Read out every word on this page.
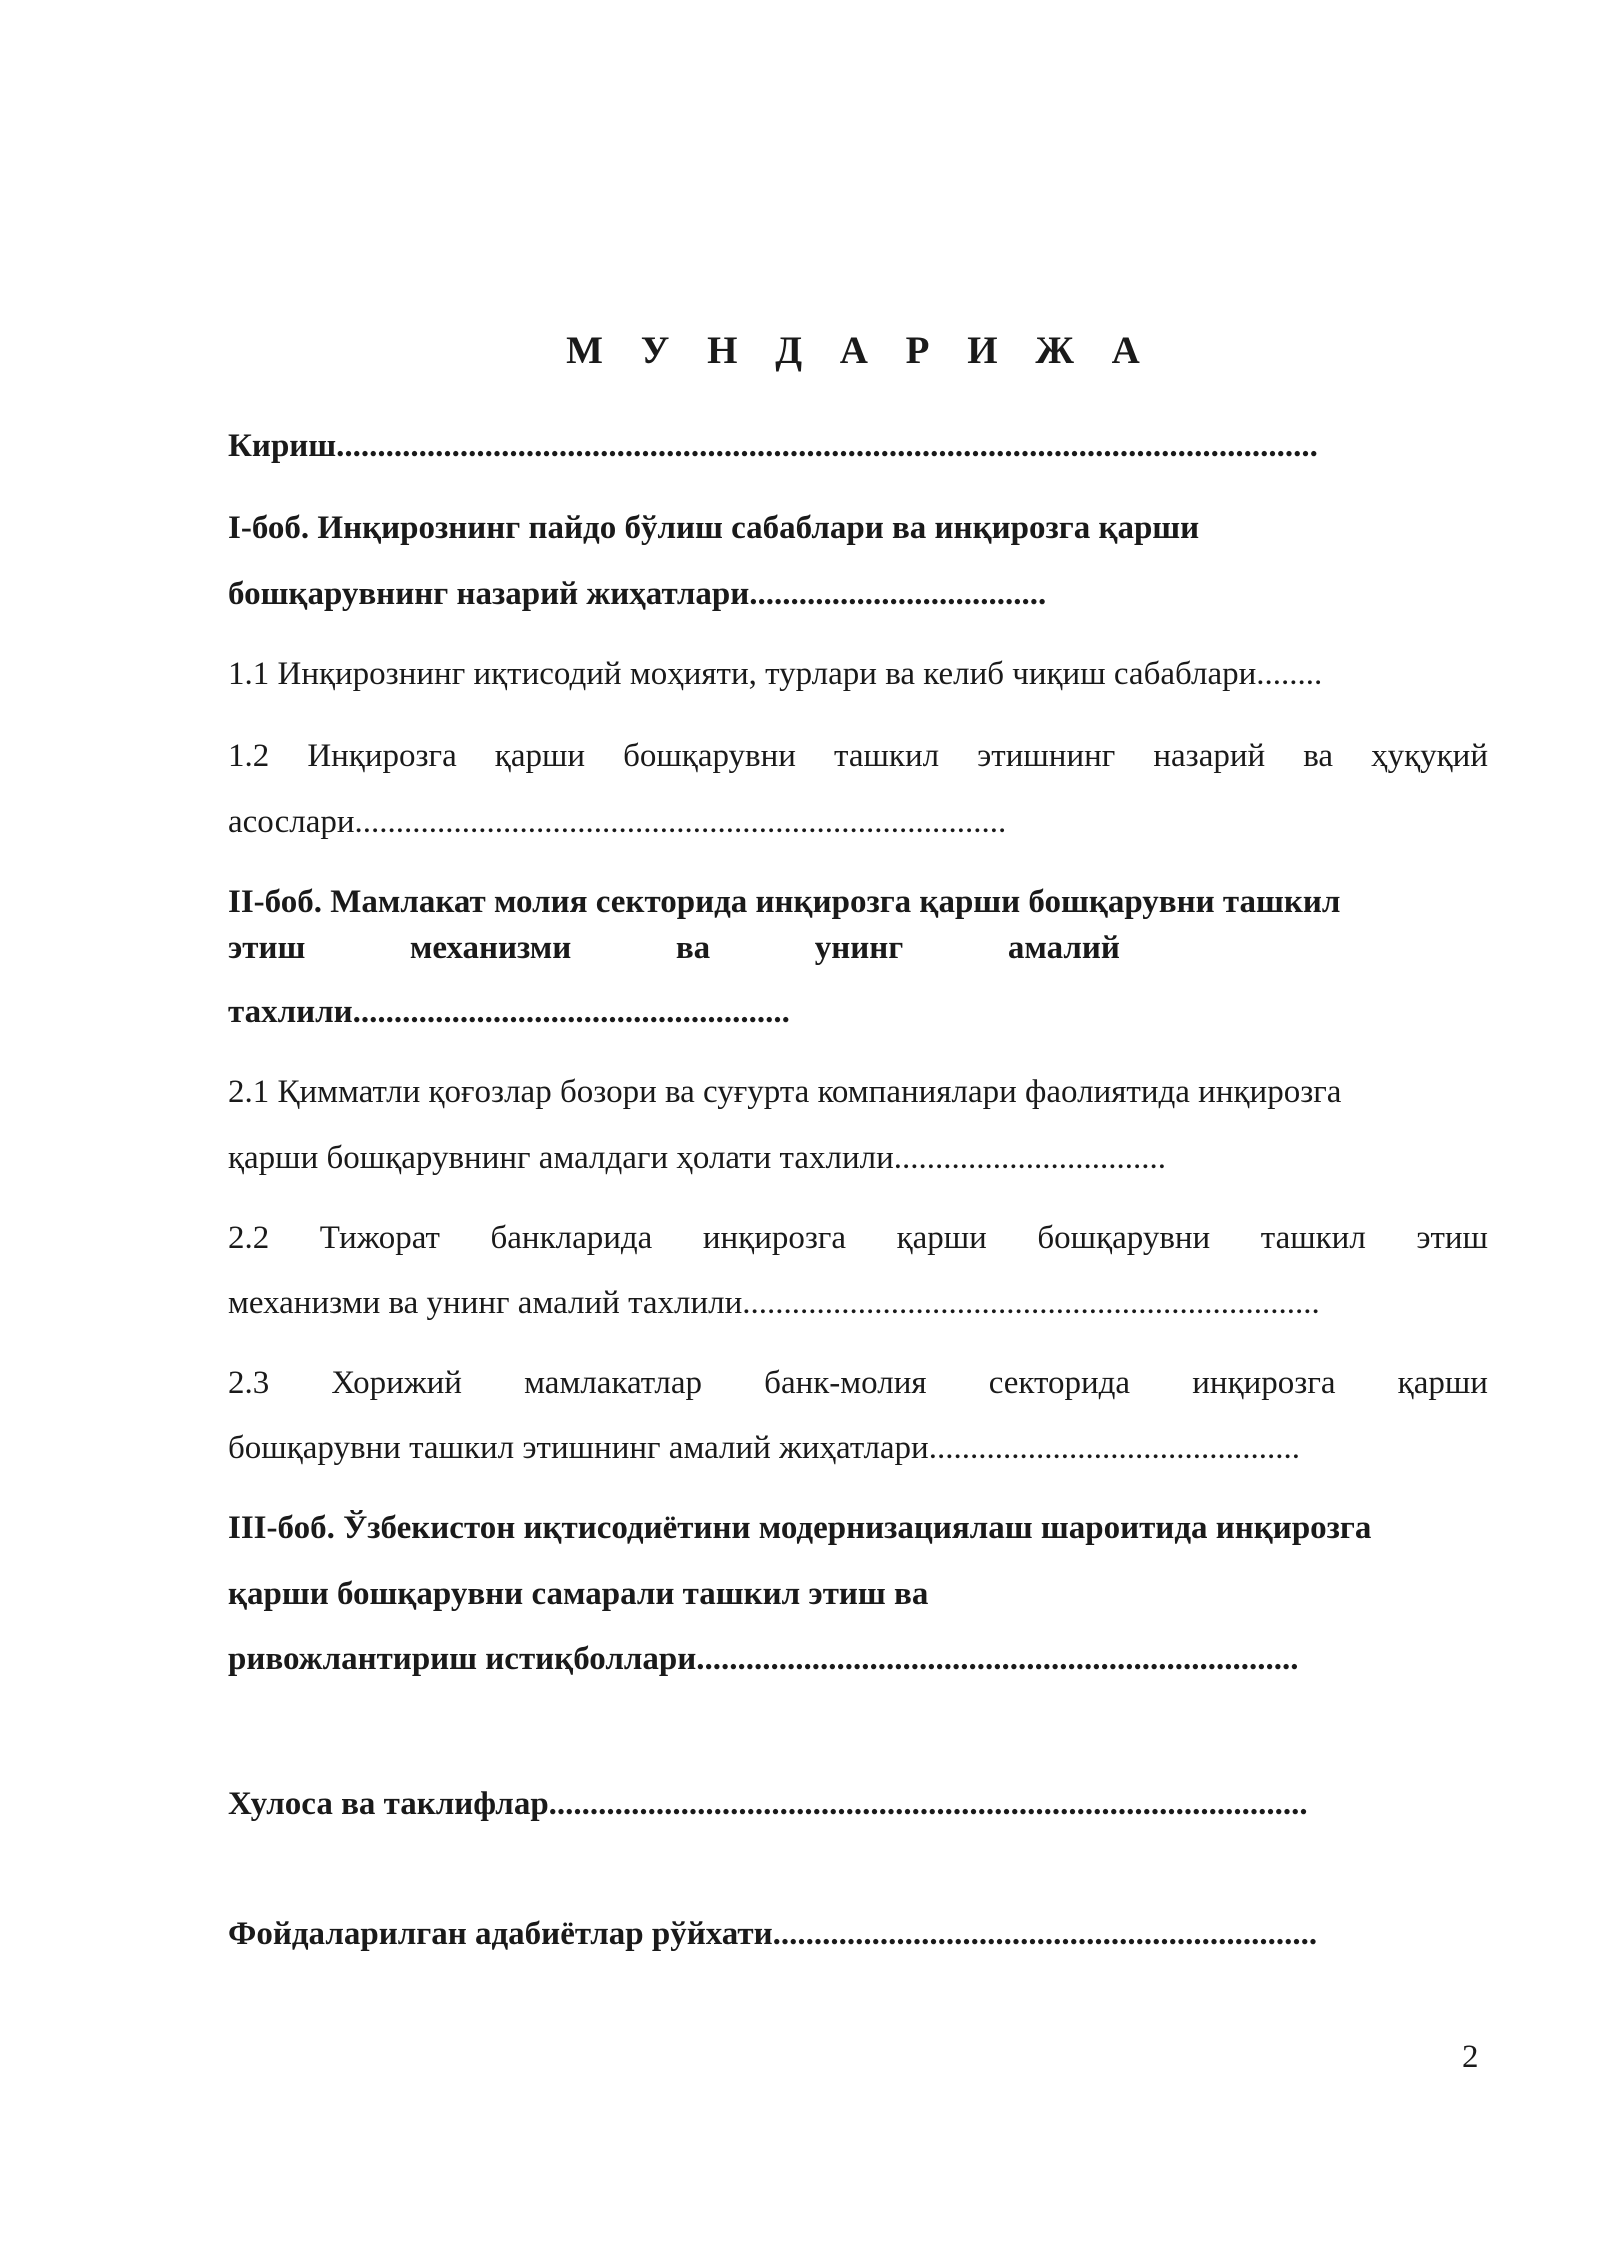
М У Н Д А Р И Ж А
Кириш.......................................................................................................................
I-боб. Инқирознинг пайдо бўлиш сабаблари ва инқирозга қарши
бошқарувнинг назарий жиҳатлари....................................
1.1 Инқирознинг иқтисодий моҳияти, турлари ва келиб чиқиш сабаблари........
1.2 Инқирозга қарши бошқарувни ташкил этишнинг назарий ва ҳуқуқий
асослари...............................................................................
II-боб. Мамлакат молия секторида инқирозга қарши бошқарувни ташкил
этиш	механизми	ва	унинг	амалий
тахлили.....................................................
2.1 Қимматли қоғозлар бозори ва суғурта компаниялари фаолиятида инқирозга
қарши бошқарувнинг амалдаги ҳолати тахлили.................................
2.2 Тижорат банкларида инқирозга қарши бошқарувни ташкил этиш
механизми ва унинг амалий тахлили......................................................................
2.3 Хорижий мамлакатлар банк-молия секторида инқирозга қарши
бошқарувни ташкил этишнинг амалий жиҳатлари.............................................
III-боб. Ўзбекистон иқтисодиётини модернизациялаш шароитида инқирозга
қарши бошқарувни самарали ташкил этиш ва
ривожлантириш истиқболлари.........................................................................
Хулоса ва таклифлар............................................................................................
Фойдаларилган адабиётлар рўйхати..................................................................
2
